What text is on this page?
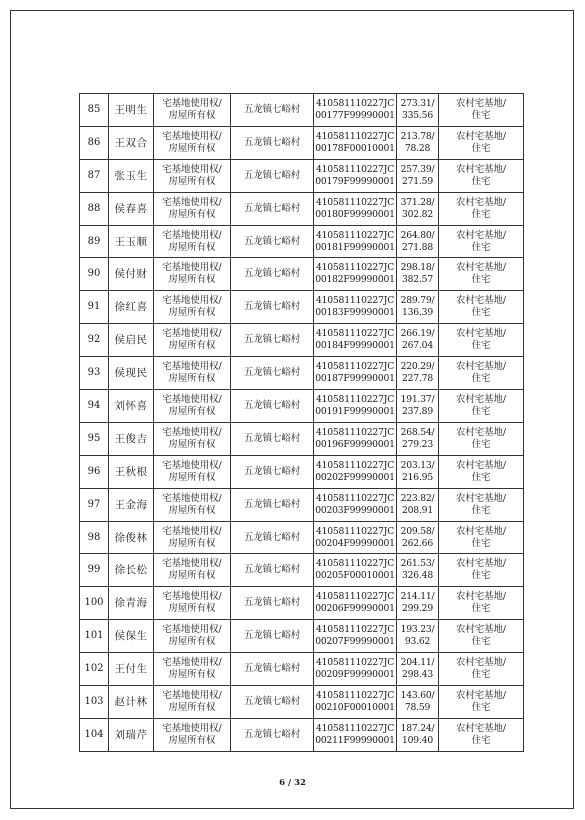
85	王明生	宅基地使用权/
房屋所有权	五龙镇七峪村	410581110227JC
00177F99990001	273.31/
335.56	农村宅基地/
住宅

86	王双合	宅基地使用权/
房屋所有权	五龙镇七峪村	410581110227JC
00178F00010001	213.78/
78.28	农村宅基地/
住宅

87	张玉生	宅基地使用权/
房屋所有权	五龙镇七峪村	410581110227JC
00179F99990001	257.39/
271.59	农村宅基地/
住宅

88	侯春喜	宅基地使用权/
房屋所有权	五龙镇七峪村	410581110227JC
00180F99990001	371.28/
302.82	农村宅基地/
住宅

89	王玉顺	宅基地使用权/
房屋所有权	五龙镇七峪村	410581110227JC
00181F99990001	264.80/
271.88	农村宅基地/
住宅

90	侯付财	宅基地使用权/
房屋所有权	五龙镇七峪村	410581110227JC
00182F99990001	298.18/
382.57	农村宅基地/
住宅

91	徐红喜	宅基地使用权/
房屋所有权	五龙镇七峪村	410581110227JC
00183F99990001	289.79/
136.39	农村宅基地/
住宅

92	侯启民	宅基地使用权/
房屋所有权	五龙镇七峪村	410581110227JC
00184F99990001	266.19/
267.04	农村宅基地/
住宅

93	侯现民	宅基地使用权/
房屋所有权	五龙镇七峪村	410581110227JC
00187F99990001	220.29/
227.78	农村宅基地/
住宅

94	刘怀喜	宅基地使用权/
房屋所有权	五龙镇七峪村	410581110227JC
00191F99990001	191.37/
237.89	农村宅基地/
住宅

95	王俊吉	宅基地使用权/
房屋所有权	五龙镇七峪村	410581110227JC
00196F99990001	268.54/
279.23	农村宅基地/
住宅

96	王秋根	宅基地使用权/
房屋所有权	五龙镇七峪村	410581110227JC
00202F99990001	203.13/
216.95	农村宅基地/
住宅

97	王金海	宅基地使用权/
房屋所有权	五龙镇七峪村	410581110227JC
00203F99990001	223.82/
208.91	农村宅基地/
住宅

98	徐俊林	宅基地使用权/
房屋所有权	五龙镇七峪村	410581110227JC
00204F99990001	209.58/
262.66	农村宅基地/
住宅

99	徐长松	宅基地使用权/
房屋所有权	五龙镇七峪村	410581110227JC
00205F00010001	261.53/
326.48	农村宅基地/
住宅

100	徐青海	宅基地使用权/
房屋所有权	五龙镇七峪村	410581110227JC
00206F99990001	214.11/
299.29	农村宅基地/
住宅

101	侯保生	宅基地使用权/
房屋所有权	五龙镇七峪村	410581110227JC
00207F99990001	193.23/
93.62	农村宅基地/
住宅

102	王付生	宅基地使用权/
房屋所有权	五龙镇七峪村	410581110227JC
00209F99990001	204.11/
298.43	农村宅基地/
住宅

103	赵计林	宅基地使用权/
房屋所有权	五龙镇七峪村	410581110227JC
00210F00010001	143.60/
78.59	农村宅基地/
住宅

104	刘瑞芹	宅基地使用权/
房屋所有权	五龙镇七峪村	410581110227JC
00211F99990001	187.24/
109.40	农村宅基地/
住宅
6 / 32
